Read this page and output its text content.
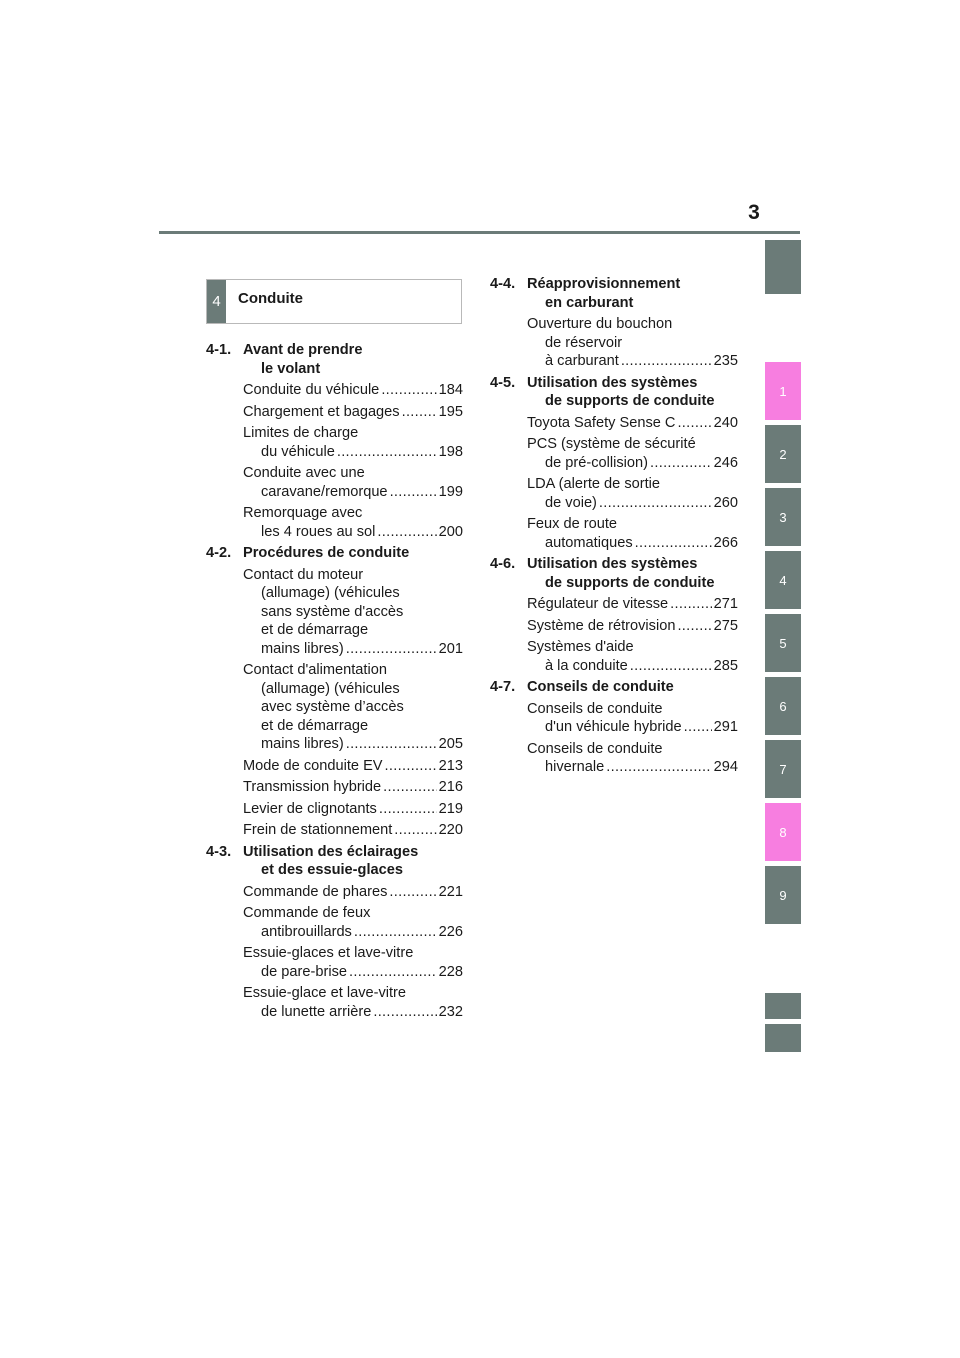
3
1
2
3
4
5
6
7
8
9
4	Conduite
4-1. Avant de prendre
le volant
Conduite du véhicule .....	184
Chargement et bagages .....	195
Limites de charge
du véhicule .....	198
Conduite avec une
caravane/remorque .....	199
Remorquage avec
les 4 roues au sol .....	200
4-2. Procédures de conduite
Contact du moteur
(allumage) (véhicules
sans système d'accès
et de démarrage
mains libres) .....	201
Contact d'alimentation
(allumage) (véhicules
avec système d’accès
et de démarrage
mains libres) .....	205
Mode de conduite EV .....	213
Transmission hybride .....	216
Levier de clignotants .....	219
Frein de stationnement .....	220
4-3. Utilisation des éclairages
et des essuie-glaces
Commande de phares .....	221
Commande de feux
antibrouillards .....	226
Essuie-glaces et lave-vitre
de pare-brise .....	228
Essuie-glace et lave-vitre
de lunette arrière .....	232
4-4. Réapprovisionnement
en carburant
Ouverture du bouchon
de réservoir
à carburant .....	235
4-5. Utilisation des systèmes
de supports de conduite
Toyota Safety Sense C .....	240
PCS (système de sécurité
de pré-collision) .....	246
LDA (alerte de sortie
de voie) .....	260
Feux de route
automatiques .....	266
4-6. Utilisation des systèmes
de supports de conduite
Régulateur de vitesse .....	271
Système de rétrovision .....	275
Systèmes d'aide
à la conduite .....	285
4-7. Conseils de conduite
Conseils de conduite
d'un véhicule hybride ..... 291
Conseils de conduite
hivernale .....	294
